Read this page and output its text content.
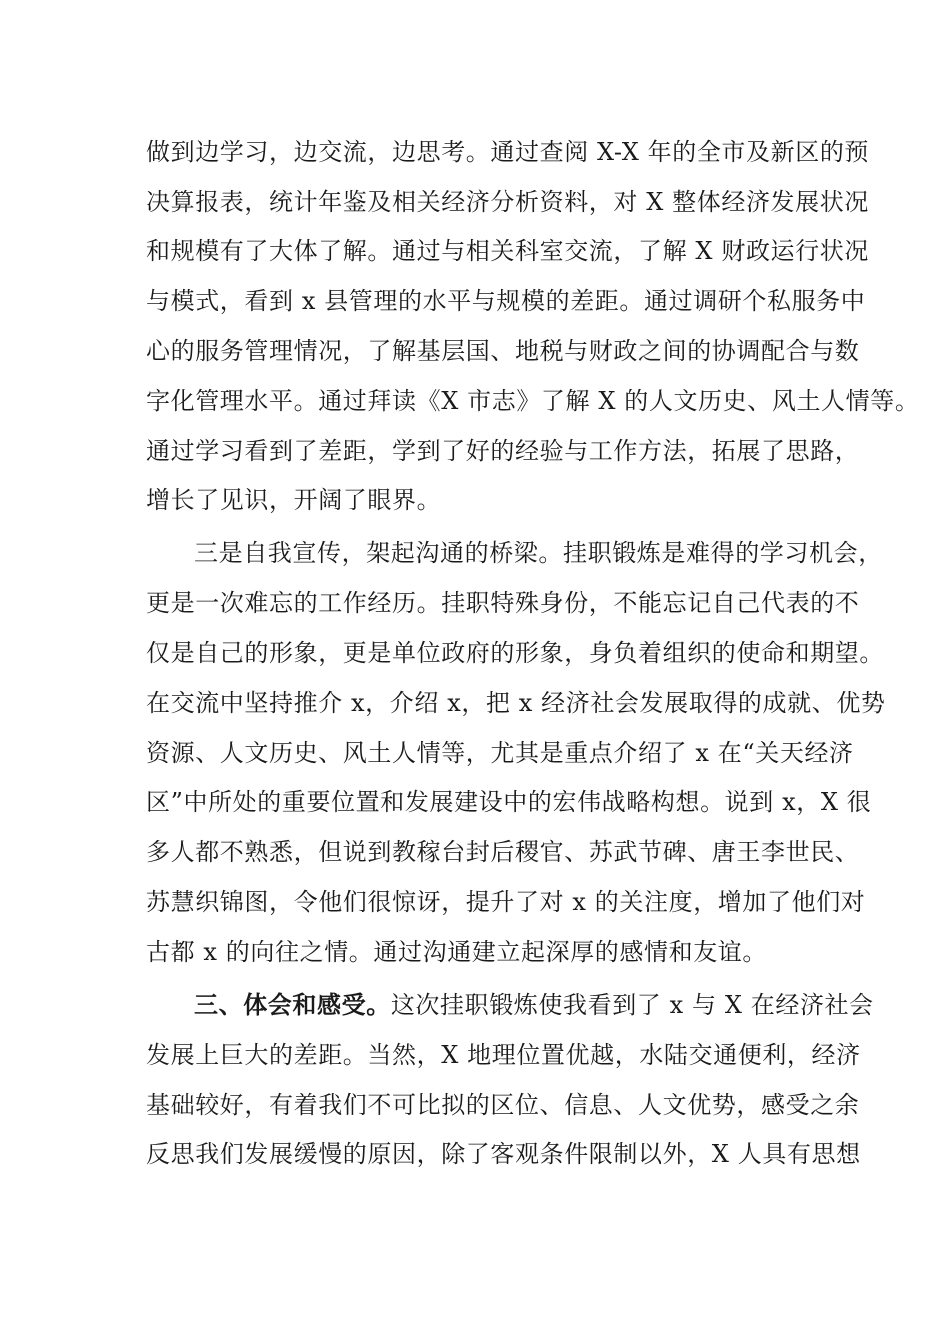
做到边学习，边交流，边思考。通过查阅 X-X 年的全市及新区的预
决算报表，统计年鉴及相关经济分析资料，对 X 整体经济发展状况
和规模有了大体了解。通过与相关科室交流，了解 X 财政运行状况
与模式，看到 x 县管理的水平与规模的差距。通过调研个私服务中
心的服务管理情况，了解基层国、地税与财政之间的协调配合与数
字化管理水平。通过拜读《X 市志》了解 X 的人文历史、风土人情等。
通过学习看到了差距，学到了好的经验与工作方法，拓展了思路，
增长了见识，开阔了眼界。
三是自我宣传，架起沟通的桥梁。挂职锻炼是难得的学习机会，
更是一次难忘的工作经历。挂职特殊身份，不能忘记自己代表的不
仅是自己的形象，更是单位政府的形象，身负着组织的使命和期望。
在交流中坚持推介 x，介绍 x，把 x 经济社会发展取得的成就、优势
资源、人文历史、风土人情等，尤其是重点介绍了 x 在“关天经济
区”中所处的重要位置和发展建设中的宏伟战略构想。说到 x，X 很
多人都不熟悉，但说到教稼台封后稷官、苏武节碑、唐王李世民、
苏慧织锦图，令他们很惊讶，提升了对 x 的关注度，增加了他们对
古都 x 的向往之情。通过沟通建立起深厚的感情和友谊。
三、体会和感受。这次挂职锻炼使我看到了 x 与 X 在经济社会
发展上巨大的差距。当然，X 地理位置优越，水陆交通便利，经济
基础较好，有着我们不可比拟的区位、信息、人文优势，感受之余
反思我们发展缓慢的原因，除了客观条件限制以外，X 人具有思想
